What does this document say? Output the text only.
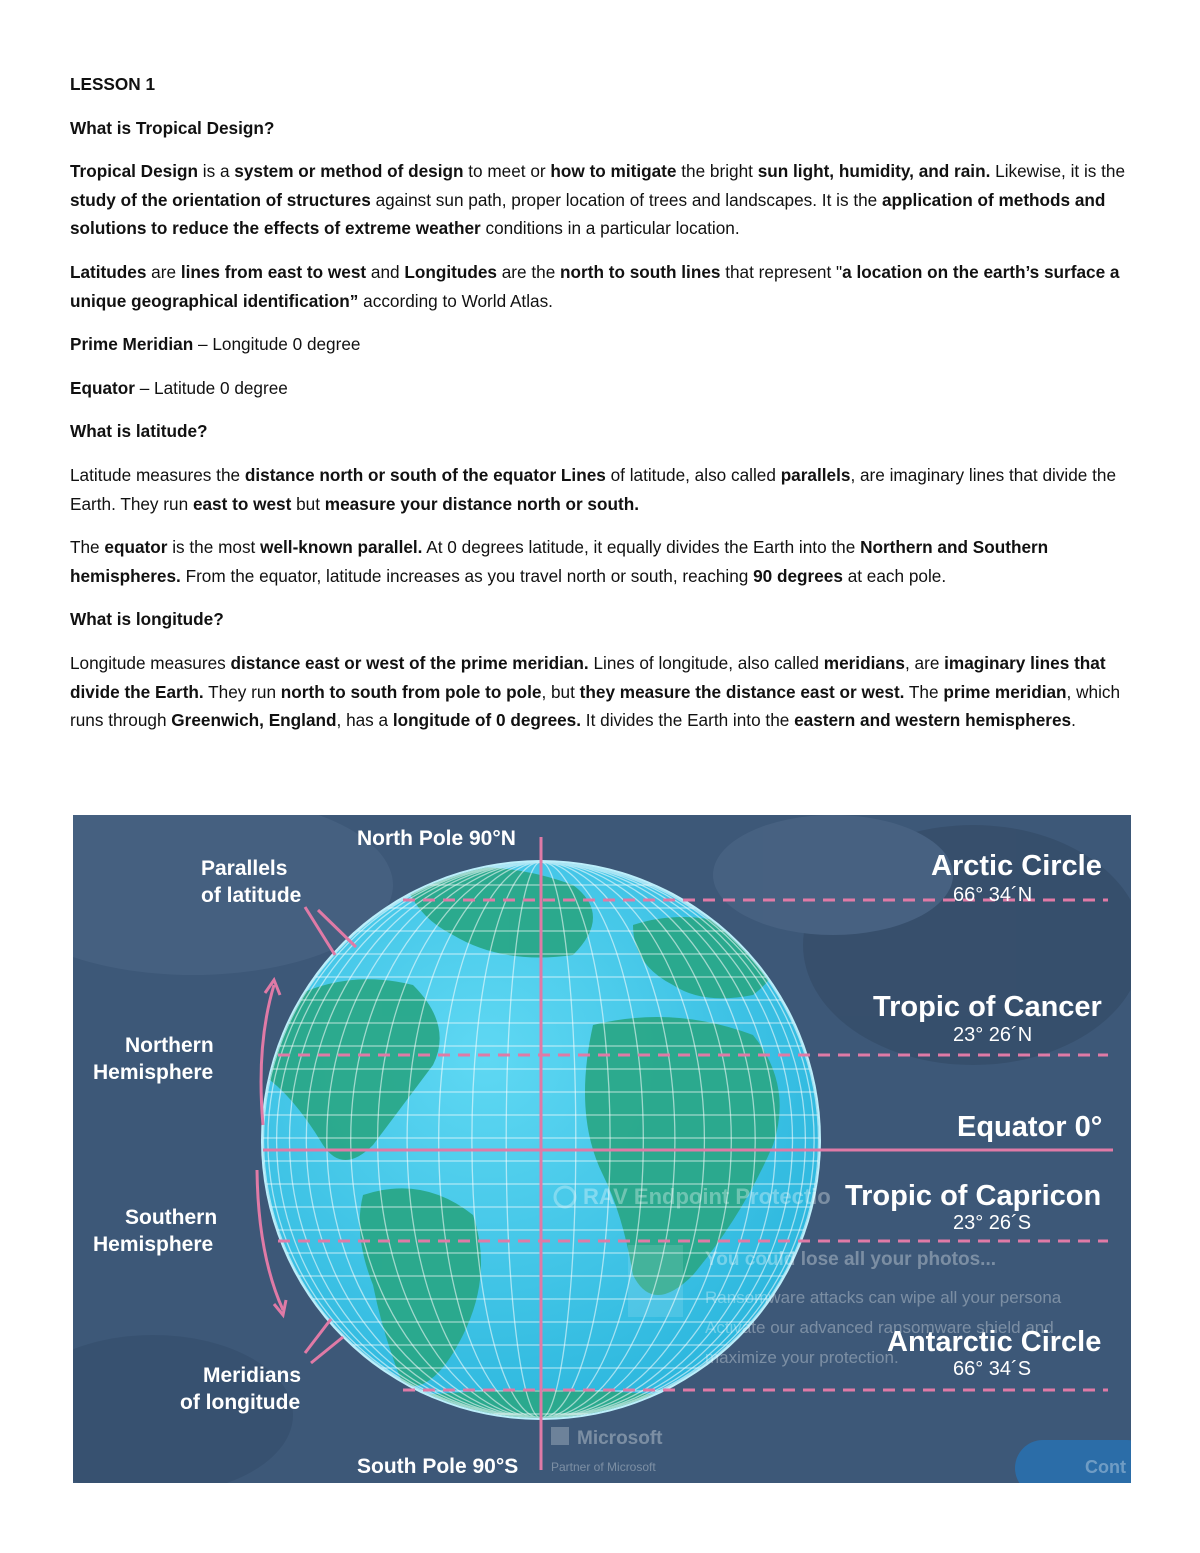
LESSON 1

What is Tropical Design?

Tropical Design is a system or method of design to meet or how to mitigate the bright sun light, humidity, and rain. Likewise, it is the study of the orientation of structures against sun path, proper location of trees and landscapes. It is the application of methods and solutions to reduce the effects of extreme weather conditions in a particular location.

Latitudes are lines from east to west and Longitudes are the north to south lines that represent "a location on the earth’s surface a unique geographical identification” according to World Atlas.

Prime Meridian – Longitude 0 degree

Equator – Latitude 0 degree

What is latitude?

Latitude measures the distance north or south of the equator Lines of latitude, also called parallels, are imaginary lines that divide the Earth. They run east to west but measure your distance north or south.

The equator is the most well-known parallel. At 0 degrees latitude, it equally divides the Earth into the Northern and Southern hemispheres. From the equator, latitude increases as you travel north or south, reaching 90 degrees at each pole.

What is longitude?

Longitude measures distance east or west of the prime meridian. Lines of longitude, also called meridians, are imaginary lines that divide the Earth. They run north to south from pole to pole, but they measure the distance east or west. The prime meridian, which runs through Greenwich, England, has a longitude of 0 degrees. It divides the Earth into the eastern and western hemispheres.

RAV Endpoint Protectio
You could lose all your photos...
Ransomware attacks can wipe all your persona
Activate our advanced ransomware shield and
maximize your protection.
Microsoft
Partner of Microsoft	Cont
North Pole 90°N
South Pole 90°S
Parallels
of latitude
Northern
Hemisphere
Southern
Hemisphere
Meridians
of longitude
Arctic Circle
66° 34´N
Tropic of Cancer
23° 26´N
Equator 0°
Tropic of Capricon
23° 26´S
Antarctic Circle
66° 34´S
